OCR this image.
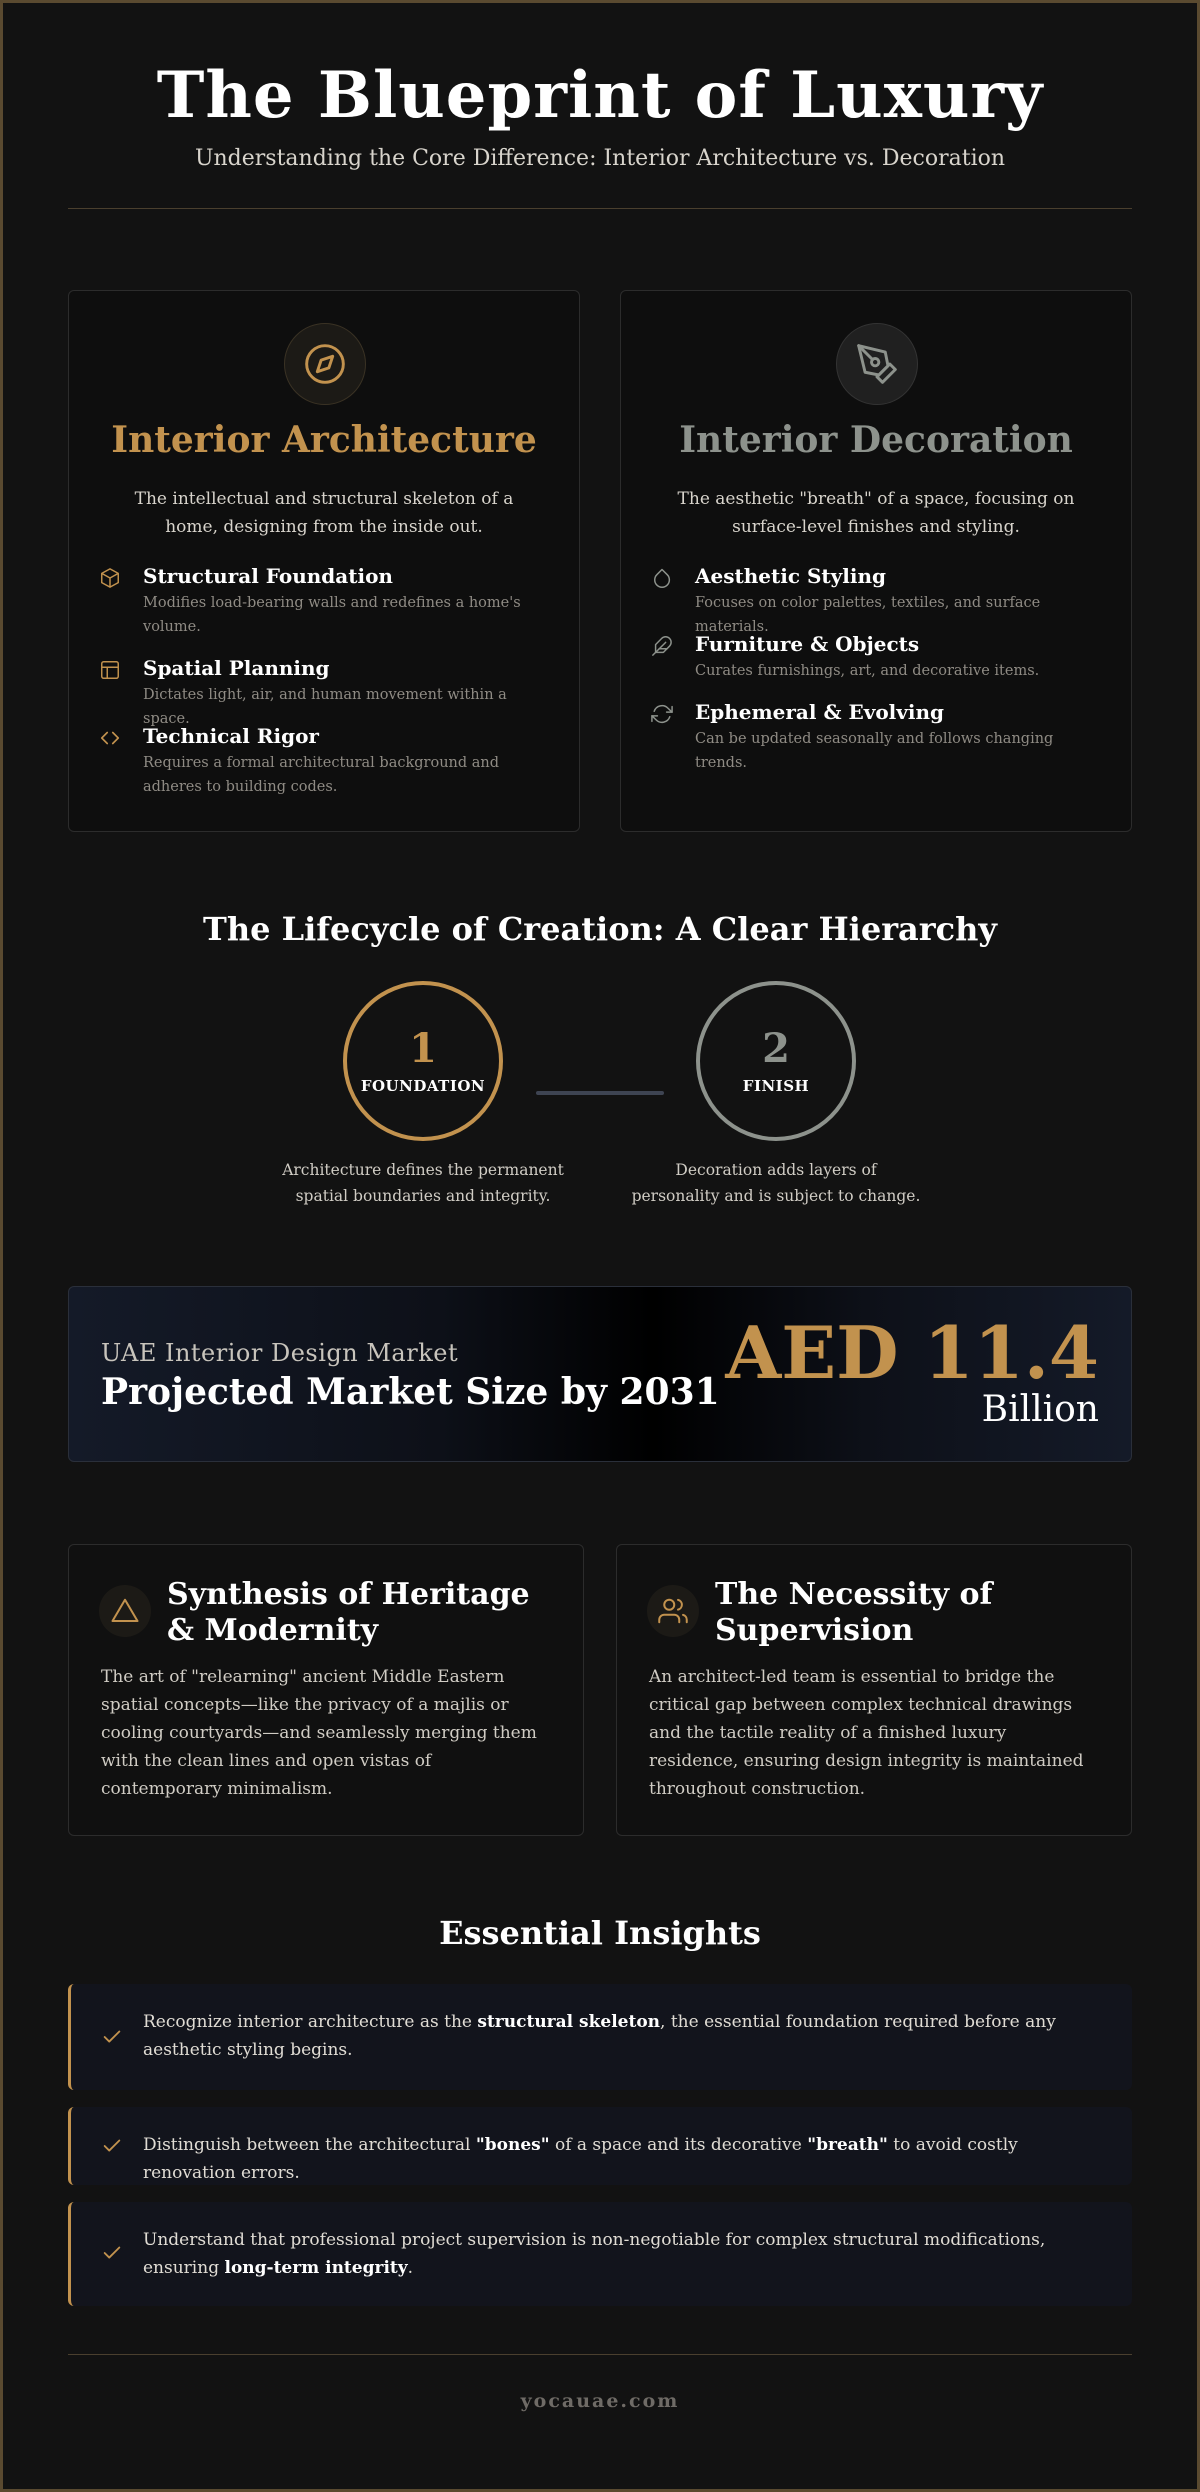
The Blueprint of Luxury

Understanding the Core Difference: Interior Architecture vs. Decoration

Interior Architecture
The intellectual and structural skeleton of a home, designing from the inside out.
Structural Foundation
Modifies load-bearing walls and redefines a home's volume.
Spatial Planning
Dictates light, air, and human movement within a space.
Technical Rigor
Requires a formal architectural background and adheres to building codes.
Interior Decoration
The aesthetic "breath" of a space, focusing on surface-level finishes and styling.
Aesthetic Styling
Focuses on color palettes, textiles, and surface materials.
Furniture & Objects
Curates furnishings, art, and decorative items.
Ephemeral & Evolving
Can be updated seasonally and follows changing trends.
The Lifecycle of Creation: A Clear Hierarchy
1
FOUNDATION
2
FINISH
Architecture defines the permanent spatial boundaries and integrity.
Decoration adds layers of personality and is subject to change.
UAE Interior Design Market
Projected Market Size by 2031 AED 11.4
Billion
Synthesis of Heritage & Modernity
The art of "relearning" ancient Middle Eastern spatial concepts—like the privacy of a majlis or cooling courtyards—and seamlessly merging them with the clean lines and open vistas of contemporary minimalism.
The Necessity of Supervision
An architect-led team is essential to bridge the critical gap between complex technical drawings and the tactile reality of a finished luxury residence, ensuring design integrity is maintained throughout construction.
Essential Insights
Recognize interior architecture as the structural skeleton, the essential foundation required before any aesthetic styling begins.
Distinguish between the architectural "bones" of a space and its decorative "breath" to avoid costly renovation errors.
Understand that professional project supervision is non-negotiable for complex structural modifications, ensuring long-term integrity.
yocauae.com
